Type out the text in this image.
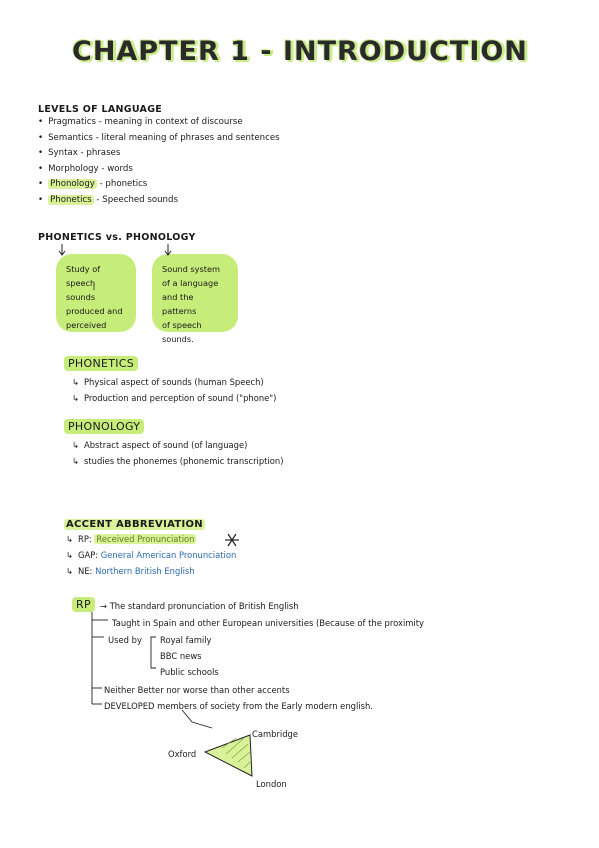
CHAPTER 1 - INTRODUCTION
LEVELS OF LANGUAGE
• Pragmatics - meaning in context of discourse
• Semantics - literal meaning of phrases and sentences
• Syntax - phrases
• Morphology - words
• Phonology - phonetics
• Phonetics - Speeched sounds
PHONETICS vs. PHONOLOGY
Study of
speech sounds
produced and
perceived
Sound system
of a language
and the patterns
of speech sounds.
PHONETICS
↳ Physical aspect of sounds (human Speech)
↳ Production and perception of sound ("phone")
PHONOLOGY
↳ Abstract aspect of sound (of language)
↳ studies the phonemes (phonemic transcription)
ACCENT ABBREVIATION
↳ RP: Received Pronunciation
↳ GAP: General American Pronunciation
↳ NE: Northern British English
RP	→ The standard pronunciation of British English
Taught in Spain and other European universities (Because of the proximity
Used by Royal family
BBC news
Public schools
Neither Better nor worse than other accents
DEVELOPED members of society from the Early modern english.
Oxford
Cambridge
London
